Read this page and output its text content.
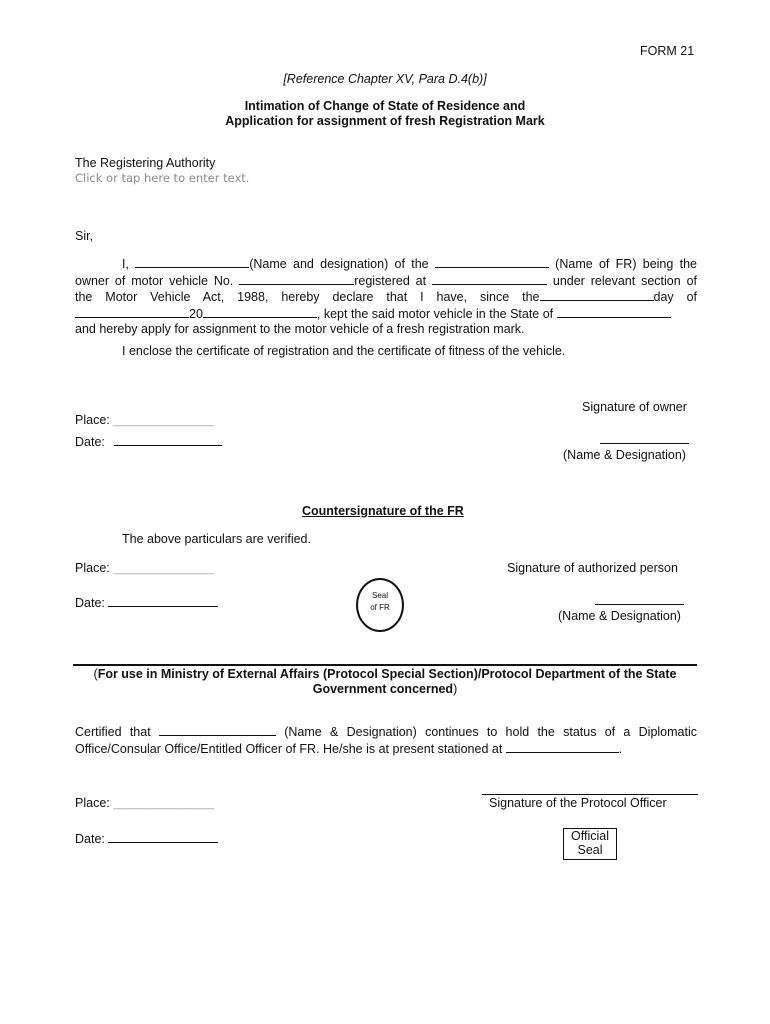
FORM 21
[Reference Chapter XV, Para D.4(b)]
Intimation of Change of State of Residence and
Application for assignment of fresh Registration Mark
The Registering Authority
Click or tap here to enter text.
Sir,
I,	(Name and designation) of the	(Name of FR) being the
owner of motor vehicle No.	registered at	under relevant section of
the Motor Vehicle Act, 1988, hereby declare that I have, since the	day of
20	, kept the said motor vehicle in the State of
and hereby apply for assignment to the motor vehicle of a fresh registration mark.
I enclose the certificate of registration and the certificate of fitness of the vehicle.
Signature of owner
Place: ________________
Date:
(Name & Designation)
Countersignature of the FR
The above particulars are verified.
Place: ________________	Signature of authorized person
Seal
of FR
Date:
(Name & Designation)
(For use in Ministry of External Affairs (Protocol Special Section)/Protocol Department of the State
Government concerned)
Certified that	(Name & Designation) continues to hold the status of a Diplomatic
Office/Consular Office/Entitled Officer of FR. He/she is at present stationed at	.
Place: ________________	Signature of the Protocol Officer
Date:	Official
Seal
